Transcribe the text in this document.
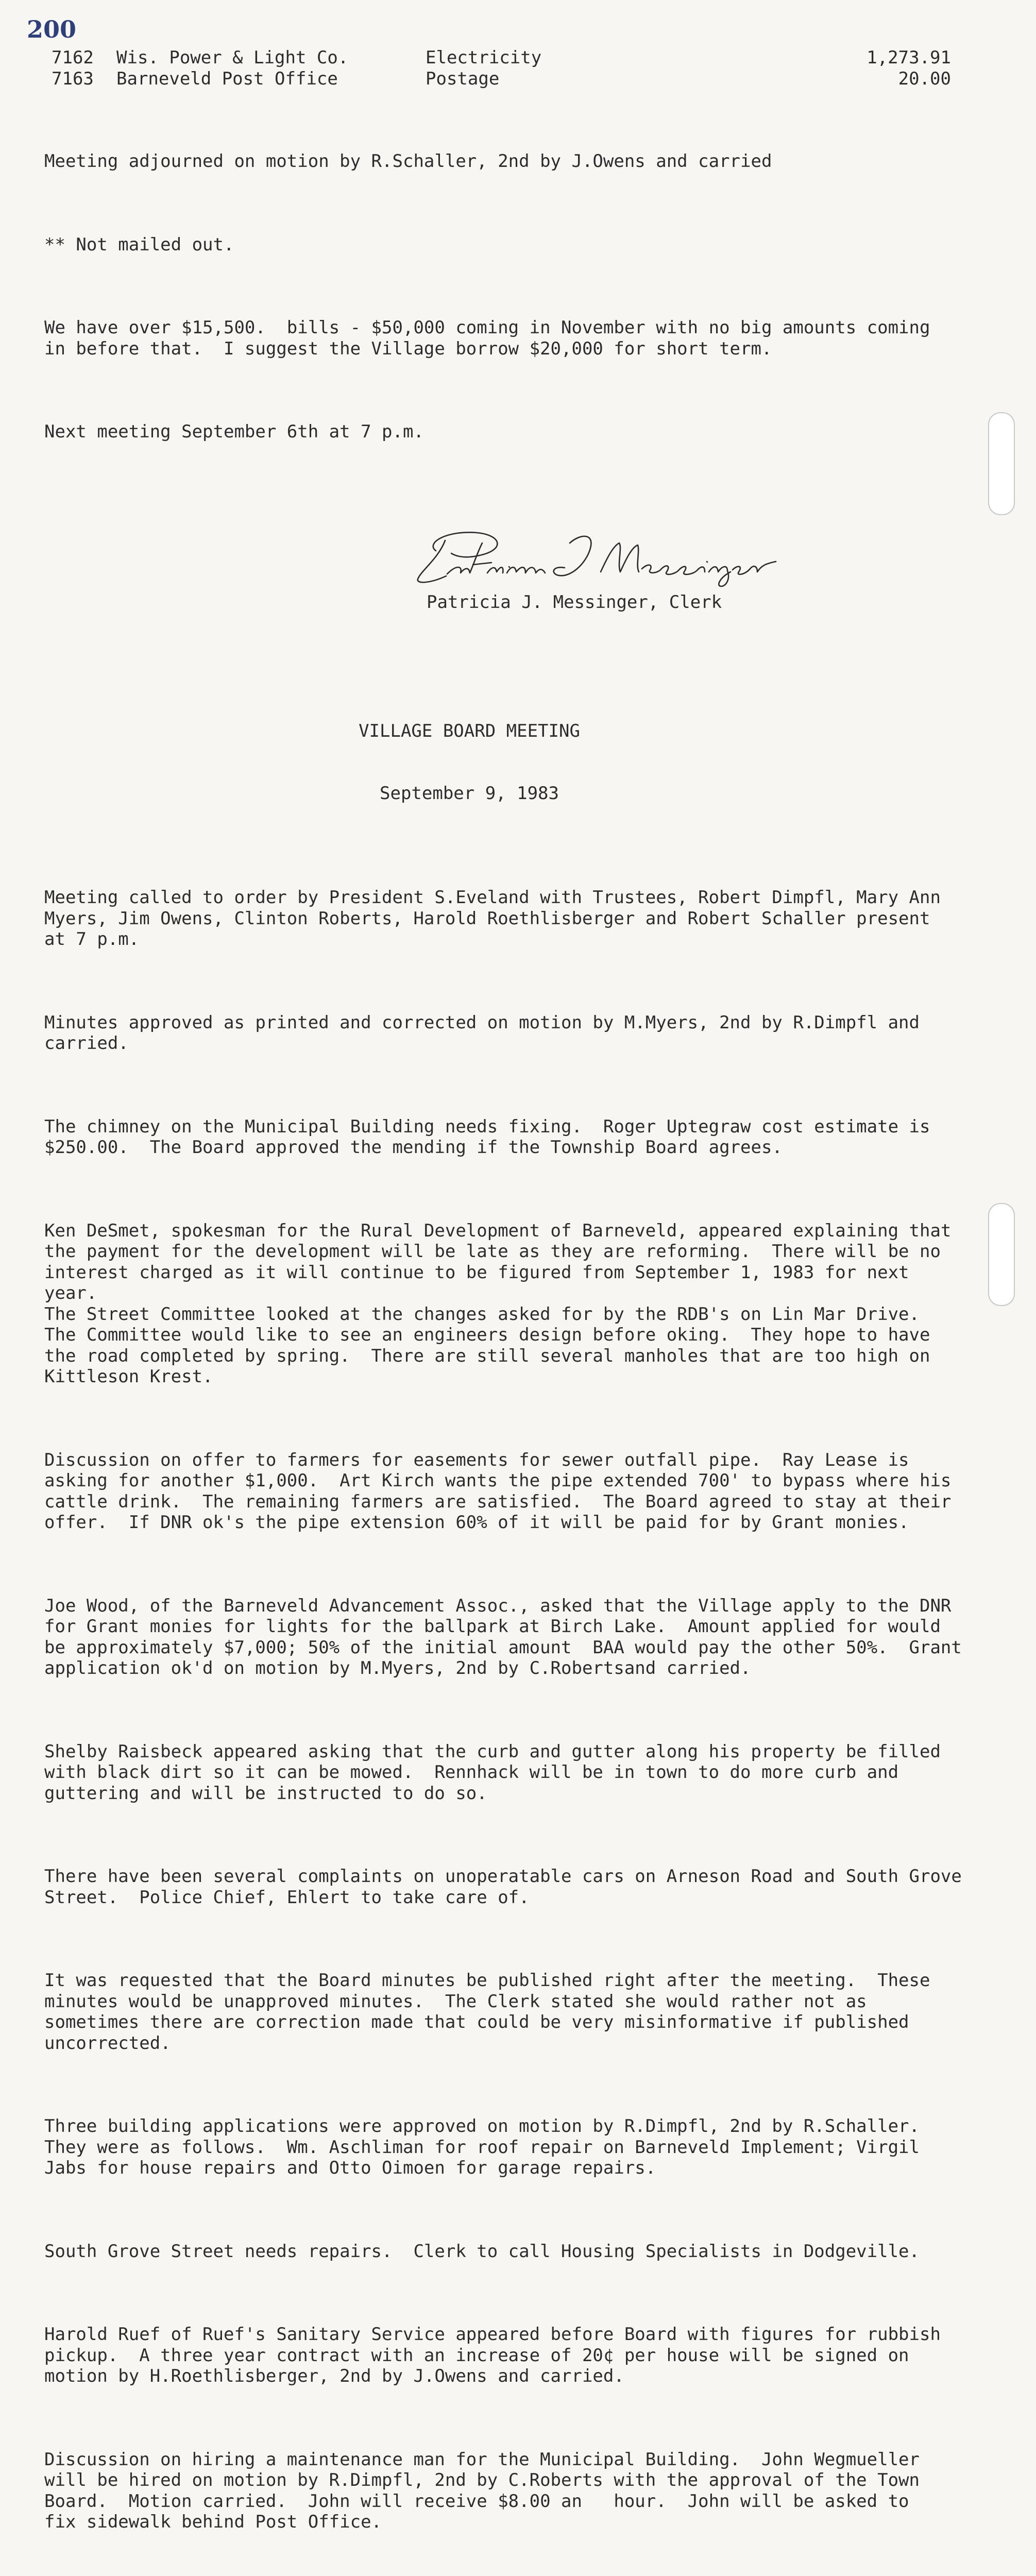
200
7162	Wis. Power & Light Co.	Electricity	1,273.91
7163	Barneveld Post Office	Postage	20.00

Meeting adjourned on motion by R.Schaller, 2nd by J.Owens and carried

** Not mailed out.

We have over $15,500.  bills - $50,000 coming in November with no big amounts coming
in before that.  I suggest the Village borrow $20,000 for short term.

Next meeting September 6th at 7 p.m.

Patricia J. Messinger, Clerk

VILLAGE BOARD MEETING

September 9, 1983

Meeting called to order by President S.Eveland with Trustees, Robert Dimpfl, Mary Ann
Myers, Jim Owens, Clinton Roberts, Harold Roethlisberger and Robert Schaller present
at 7 p.m.

Minutes approved as printed and corrected on motion by M.Myers, 2nd by R.Dimpfl and
carried.

The chimney on the Municipal Building needs fixing.  Roger Uptegraw cost estimate is
$250.00.  The Board approved the mending if the Township Board agrees.

Ken DeSmet, spokesman for the Rural Development of Barneveld, appeared explaining that
the payment for the development will be late as they are reforming.  There will be no
interest charged as it will continue to be figured from September 1, 1983 for next year.
The Street Committee looked at the changes asked for by the RDB's on Lin Mar Drive.
The Committee would like to see an engineers design before oking.  They hope to have
the road completed by spring.  There are still several manholes that are too high on
Kittleson Krest.

Discussion on offer to farmers for easements for sewer outfall pipe.  Ray Lease is
asking for another $1,000.  Art Kirch wants the pipe extended 700' to bypass where his
cattle drink.  The remaining farmers are satisfied.  The Board agreed to stay at their
offer.  If DNR ok's the pipe extension 60% of it will be paid for by Grant monies.

Joe Wood, of the Barneveld Advancement Assoc., asked that the Village apply to the DNR
for Grant monies for lights for the ballpark at Birch Lake.  Amount applied for would
be approximately $7,000; 50% of the initial amount  BAA would pay the other 50%.  Grant
application ok'd on motion by M.Myers, 2nd by C.Robertsand carried.

Shelby Raisbeck appeared asking that the curb and gutter along his property be filled
with black dirt so it can be mowed.  Rennhack will be in town to do more curb and
guttering and will be instructed to do so.

There have been several complaints on unoperatable cars on Arneson Road and South Grove
Street.  Police Chief, Ehlert to take care of.

It was requested that the Board minutes be published right after the meeting.  These
minutes would be unapproved minutes.  The Clerk stated she would rather not as
sometimes there are correction made that could be very misinformative if published
uncorrected.

Three building applications were approved on motion by R.Dimpfl, 2nd by R.Schaller.
They were as follows.  Wm. Aschliman for roof repair on Barneveld Implement; Virgil
Jabs for house repairs and Otto Oimoen for garage repairs.

South Grove Street needs repairs.  Clerk to call Housing Specialists in Dodgeville.

Harold Ruef of Ruef's Sanitary Service appeared before Board with figures for rubbish
pickup.  A three year contract with an increase of 20¢ per house will be signed on
motion by H.Roethlisberger, 2nd by J.Owens and carried.

Discussion on hiring a maintenance man for the Municipal Building.  John Wegmueller
will be hired on motion by R.Dimpfl, 2nd by C.Roberts with the approval of the Town
Board.  Motion carried.  John will receive $8.00 an   hour.  John will be asked to
fix sidewalk behind Post Office.
